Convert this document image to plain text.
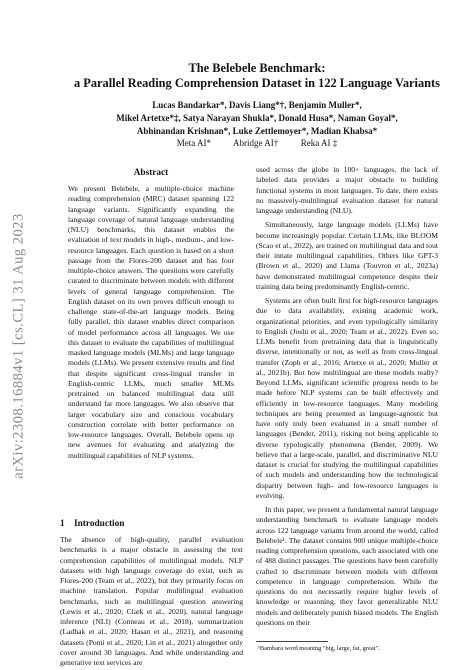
arXiv:2308.16884v1 [cs.CL] 31 Aug 2023
The Belebele Benchmark:
a Parallel Reading Comprehension Dataset in 122 Language Variants
Lucas Bandarkar*, Davis Liang*†, Benjamin Muller*,
Mikel Artetxe*‡, Satya Narayan Shukla*, Donald Husa*, Naman Goyal*,
Abhinandan Krishnan*, Luke Zettlemoyer*, Madian Khabsa*
Meta AI*          Abridge AI†          Reka AI ‡
Abstract

We present Belebele, a multiple-choice machine reading comprehension (MRC) dataset spanning 122 language variants. Significantly expanding the language coverage of natural language understanding (NLU) benchmarks, this dataset enables the evaluation of text models in high-, medium-, and low-resource languages. Each question is based on a short passage from the Flores-200 dataset and has four multiple-choice answers. The questions were carefully curated to discriminate between models with different levels of general language comprehension. The English dataset on its own proves difficult enough to challenge state-of-the-art language models. Being fully parallel, this dataset enables direct comparison of model performance across all languages. We use this dataset to evaluate the capabilities of multilingual masked language models (MLMs) and large language models (LLMs). We present extensive results and find that despite significant cross-lingual transfer in English-centric LLMs, much smaller MLMs pretrained on balanced multilingual data still understand far more languages. We also observe that larger vocabulary size and conscious vocabulary construction correlate with better performance on low-resource languages. Overall, Belebele opens up new avenues for evaluating and analyzing the multilingual capabilities of NLP systems.

1 Introduction

The absence of high-quality, parallel evaluation benchmarks is a major obstacle in assessing the text comprehension capabilities of multilingual models. NLP datasets with high language coverage do exist, such as Flores-200 (Team et al., 2022), but they primarily focus on machine translation. Popular multilingual evaluation benchmarks, such as multilingual question answering (Lewis et al., 2020; Clark et al., 2020), natural language inference (NLI) (Conneau et al., 2018), summarization (Ladhak et al., 2020; Hasan et al., 2021), and reasoning datasets (Ponti et al., 2020; Lin et al., 2021) altogether only cover around 30 languages. And while understanding and generative text services are

used across the globe in 100+ languages, the lack of labeled data provides a major obstacle to building functional systems in most languages. To date, there exists no massively-multilingual evaluation dataset for natural language understanding (NLU).

Simultaneously, large language models (LLMs) have become increasingly popular. Certain LLMs, like BLOOM (Scao et al., 2022), are trained on multilingual data and tout their innate multilingual capabilities. Others like GPT-3 (Brown et al., 2020) and Llama (Touvron et al., 2023a) have demonstrated multilingual competence despite their training data being predominantly English-centric.

Systems are often built first for high-resource languages due to data availability, existing academic work, organizational priorities, and even typologically similarity to English (Joshi et al., 2020; Team et al., 2022). Even so, LLMs benefit from pretraining data that is linguistically diverse, intentionally or not, as well as from cross-lingual transfer (Zoph et al., 2016; Artetxe et al., 2020; Muller et al., 2021b). But how multilingual are these models really? Beyond LLMs, significant scientific progress needs to be made before NLP systems can be built effectively and efficiently in low-resource languages. Many modeling techniques are being presented as language-agnostic but have only truly been evaluated in a small number of languages (Bender, 2011), risking not being applicable to diverse typologically phenomena (Bender, 2009). We believe that a large-scale, parallel, and discriminative NLU dataset is crucial for studying the multilingual capabilities of such models and understanding how the technological disparity between high- and low-resource languages is evolving.

In this paper, we present a fundamental natural language understanding benchmark to evaluate language models across 122 language variants from around the world, called Belebele¹. The dataset contains 900 unique multiple-choice reading comprehension questions, each associated with one of 488 distinct passages. The questions have been carefully crafted to discriminate between models with different competence in language comprehension. While the questions do not necessarily require higher levels of knowledge or reasoning, they favor generalizable NLU models and deliberately punish biased models. The English questions on their

¹Bambara word meaning "big, large, fat, great".
